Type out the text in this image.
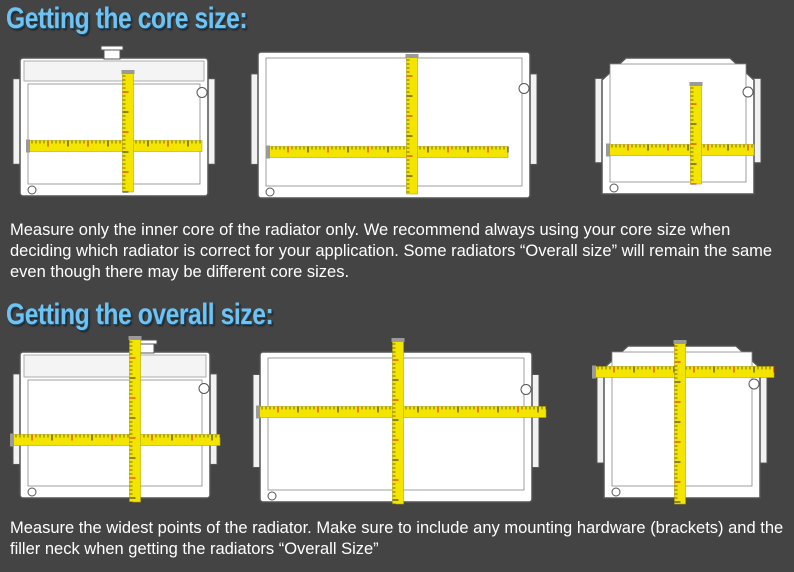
Getting the core size:

Measure only the inner core of the radiator only. We recommend always using your core size when deciding which radiator is correct for your application. Some radiators “Overall size” will remain the same even though there may be different core sizes.

Getting the overall size:

Measure the widest points of the radiator. Make sure to include any mounting hardware (brackets) and the filler neck when getting the radiators “Overall Size”
